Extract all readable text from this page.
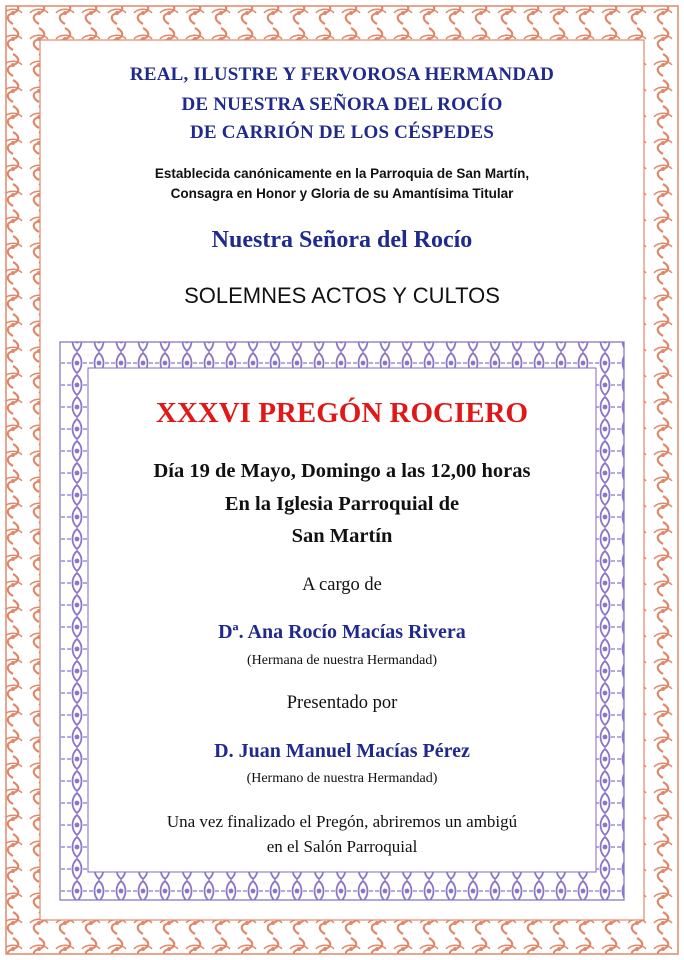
REAL, ILUSTRE Y FERVOROSA HERMANDAD

DE NUESTRA SEÑORA DEL ROCÍO

DE CARRIÓN DE LOS CÉSPEDES

Establecida canónicamente en la Parroquia de San Martín,

Consagra en Honor y Gloria de su Amantísima Titular

Nuestra Señora del Rocío

SOLEMNES ACTOS Y CULTOS

XXXVI PREGÓN ROCIERO

Día 19 de Mayo, Domingo a las 12,00 horas

En la Iglesia Parroquial de

San Martín

A cargo de

Dª. Ana Rocío Macías Rivera

(Hermana de nuestra Hermandad)

Presentado por

D. Juan Manuel Macías Pérez

(Hermano de nuestra Hermandad)

Una vez finalizado el Pregón, abriremos un ambigú

en el Salón Parroquial
